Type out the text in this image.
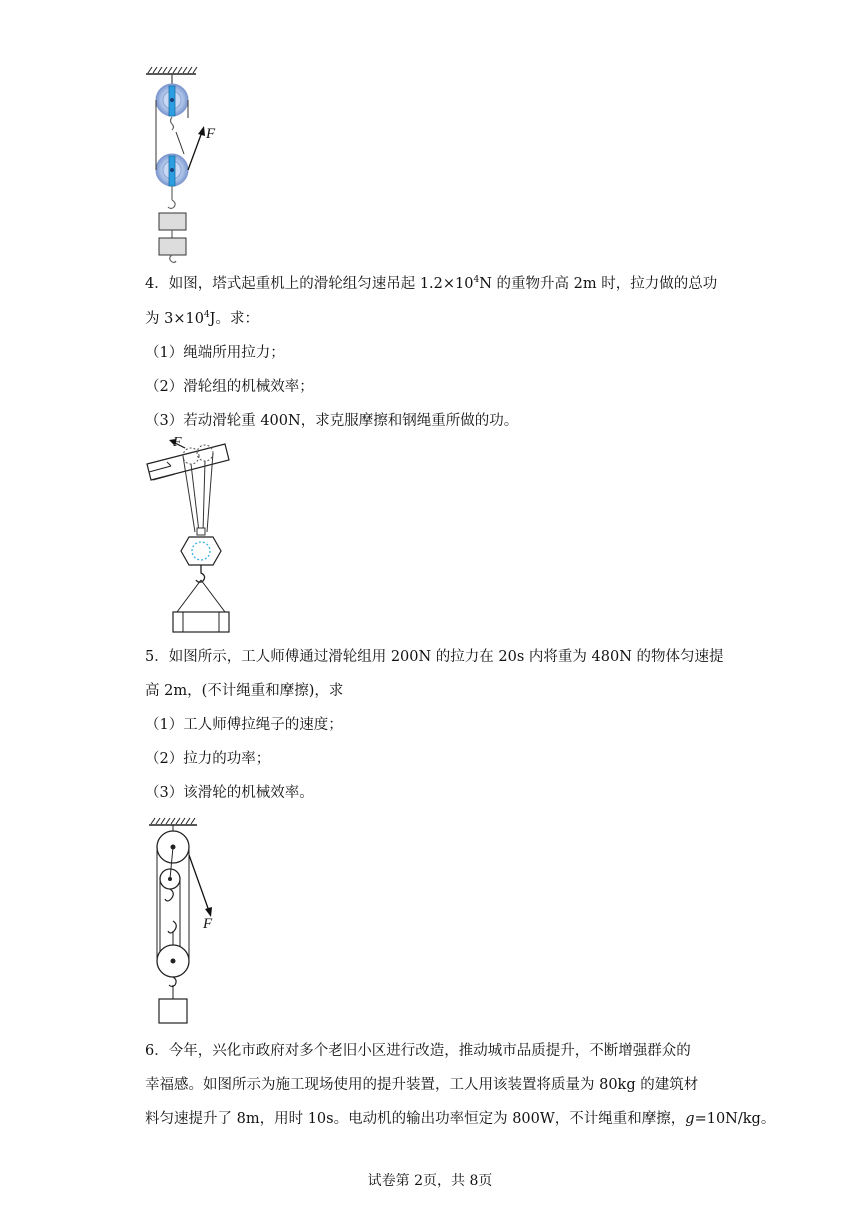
F
4．如图，塔式起重机上的滑轮组匀速吊起 $1.2\times 10^4N$ 的重物升高 2m 时，拉力做的总功
为 $3\times 10^4J$。求：
（1）绳端所用拉力；
（2）滑轮组的机械效率；
（3）若动滑轮重 400N，求克服摩擦和钢绳重所做的功。
F
5．如图所示，工人师傅通过滑轮组用 200N 的拉力在 20s 内将重为 480N 的物体匀速提
高 2m，(不计绳重和摩擦)，求
（1）工人师傅拉绳子的速度；
（2）拉力的功率；
（3）该滑轮的机械效率。
F
6．今年，兴化市政府对多个老旧小区进行改造，推动城市品质提升，不断增强群众的
幸福感。如图所示为施工现场使用的提升装置，工人用该装置将质量为 80kg 的建筑材
料匀速提升了 8m，用时 10s。电动机的输出功率恒定为 800W，不计绳重和摩擦，g=10N/kg。
试卷第 2页，共 8页
